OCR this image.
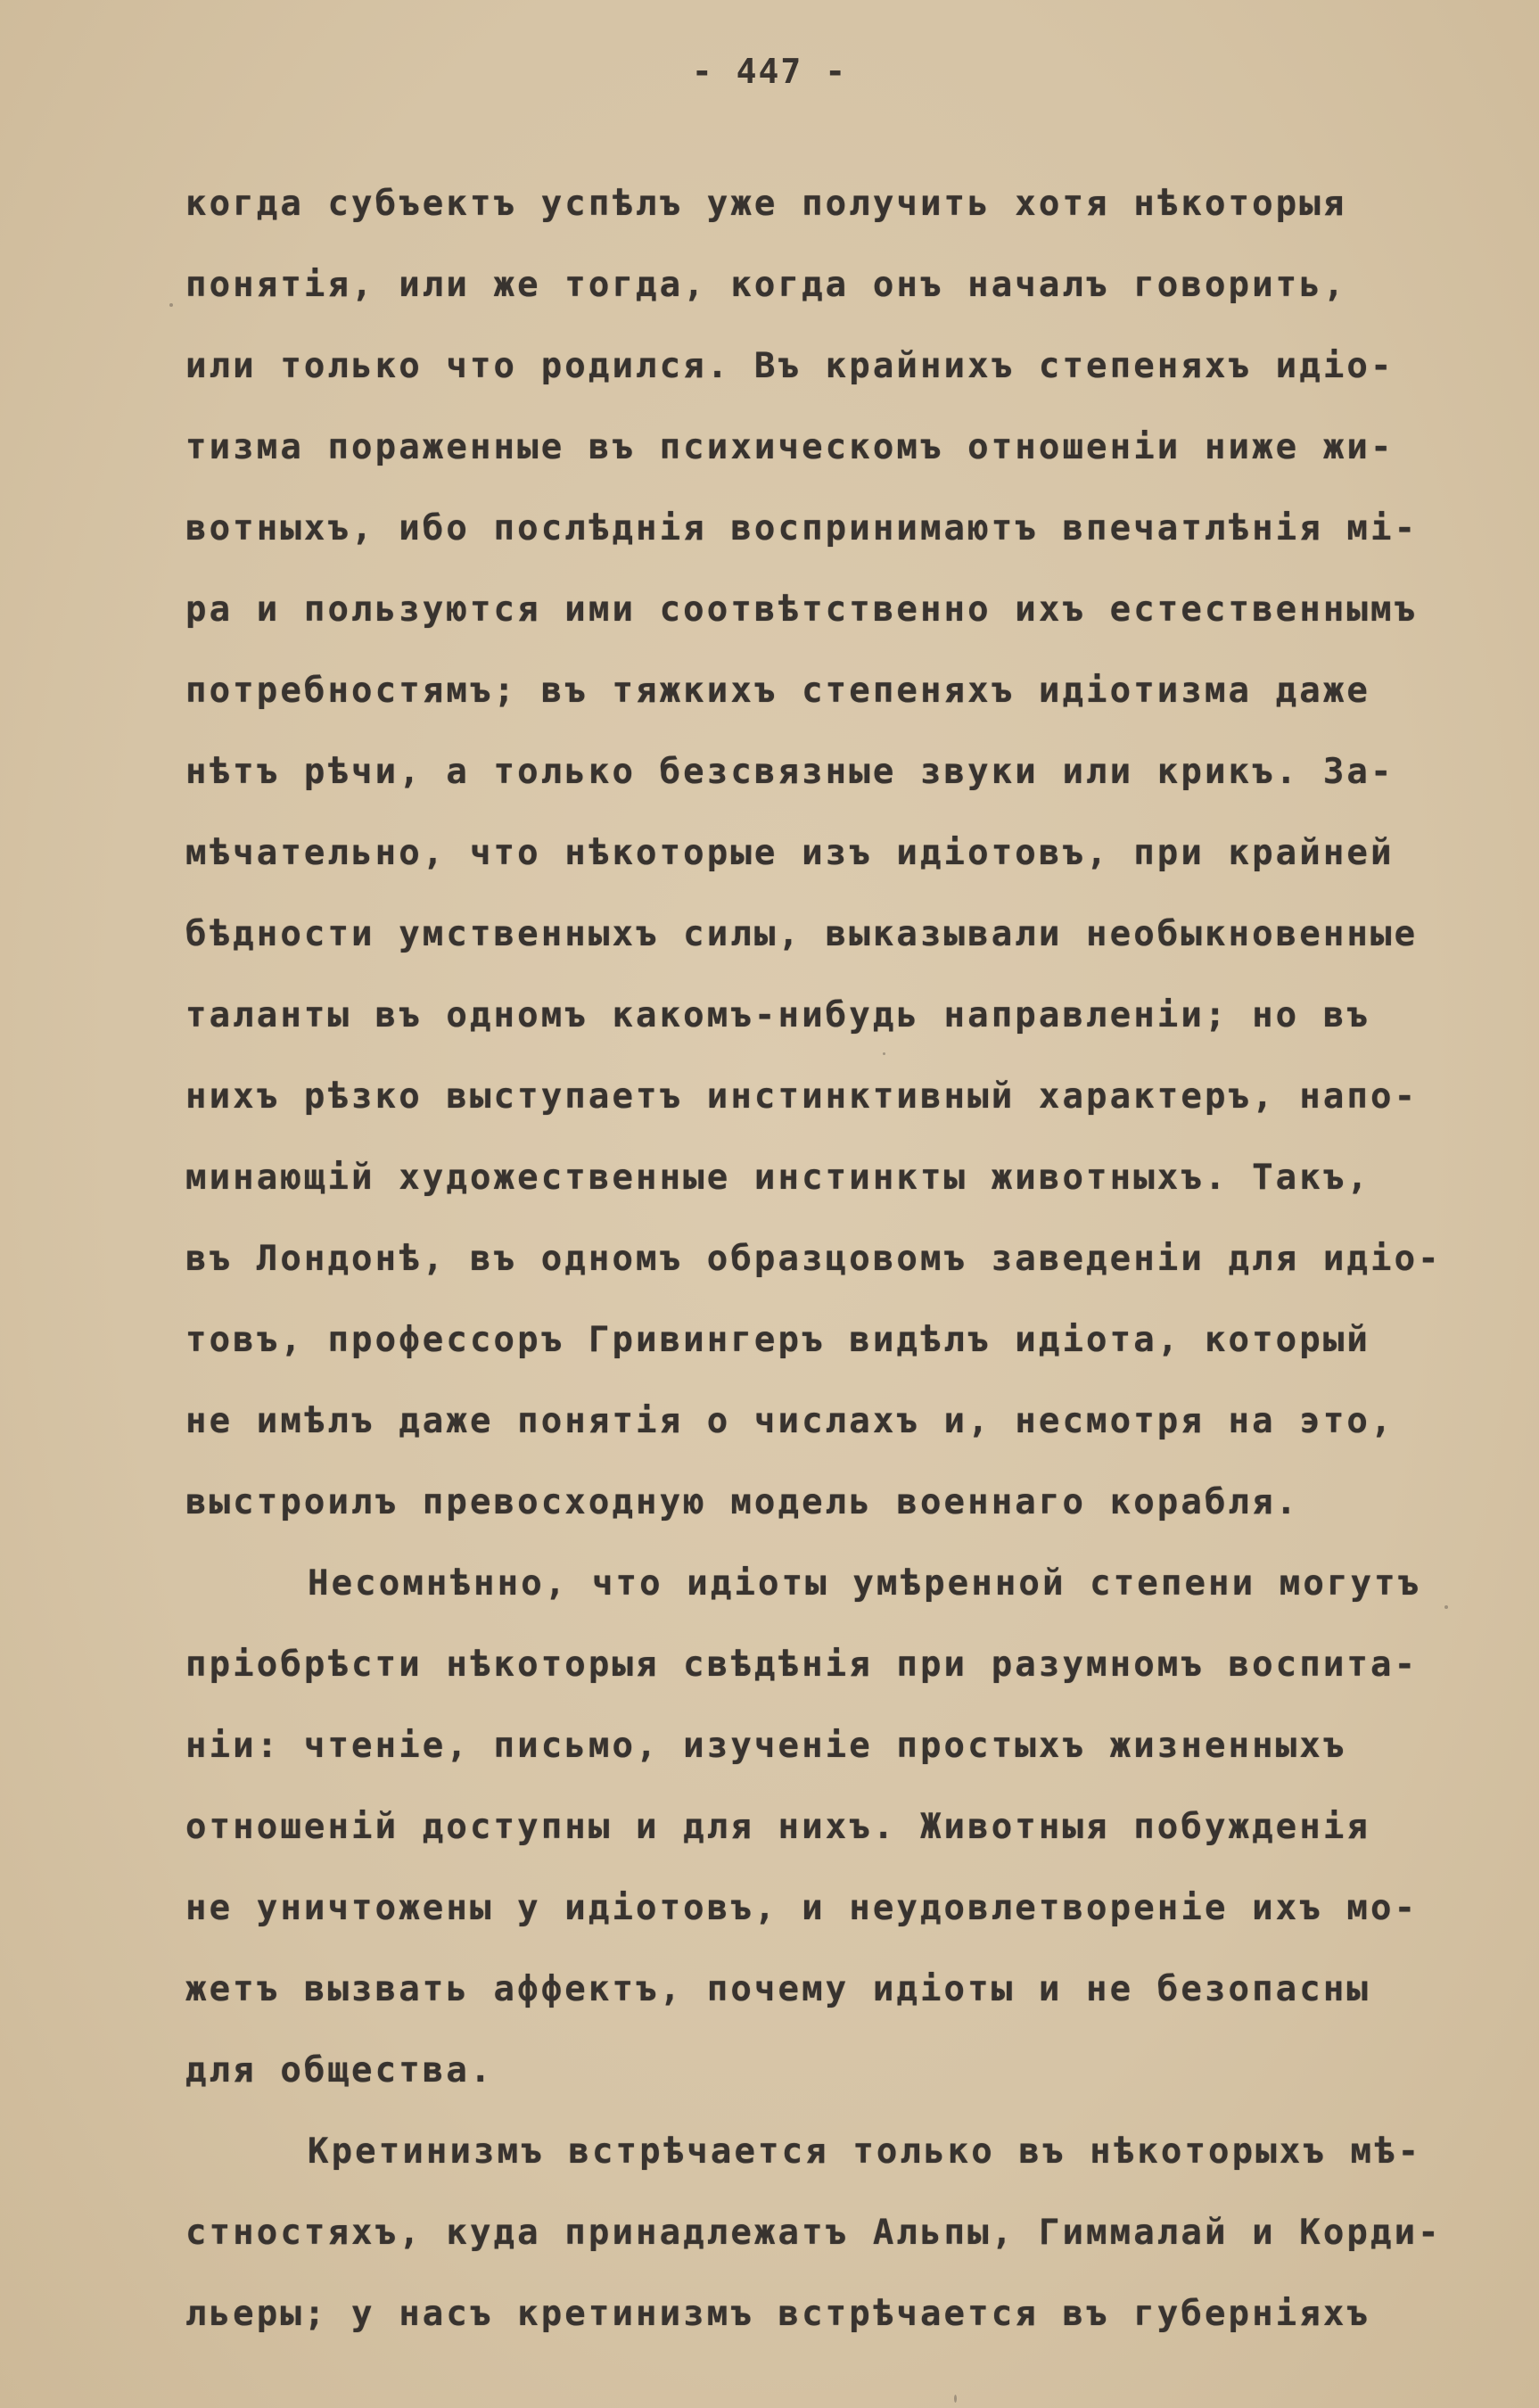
- 447 -
когда субъектъ успѣлъ уже получить хотя нѣкоторыя
понятія, или же тогда, когда онъ началъ говорить,
или только что родился. Въ крайнихъ степеняхъ идіо-
тизма пораженные въ психическомъ отношеніи ниже жи-
вотныхъ, ибо послѣднія воспринимаютъ впечатлѣнія мі-
ра и пользуются ими соотвѣтственно ихъ естественнымъ
потребностямъ; въ тяжкихъ степеняхъ идіотизма даже
нѣтъ рѣчи, а только безсвязные звуки или крикъ. За-
мѣчательно, что нѣкоторые изъ идіотовъ, при крайней
бѣдности умственныхъ силы, выказывали необыкновенные
таланты въ одномъ какомъ-нибудь направленіи; но въ
нихъ рѣзко выступаетъ инстинктивный характеръ, напо-
минающій художественные инстинкты животныхъ. Такъ,
въ Лондонѣ, въ одномъ образцовомъ заведеніи для идіо-
товъ, профессоръ Гривингеръ видѣлъ идіота, который
не имѣлъ даже понятія о числахъ и, несмотря на это,
выстроилъ превосходную модель военнаго корабля.
Несомнѣнно, что идіоты умѣренной степени могутъ
пріобрѣсти нѣкоторыя свѣдѣнія при разумномъ воспита-
ніи: чтеніе, письмо, изученіе простыхъ жизненныхъ
отношеній доступны и для нихъ. Животныя побужденія
не уничтожены у идіотовъ, и неудовлетвореніе ихъ мо-
жетъ вызвать аффектъ, почему идіоты и не безопасны
для общества.
Кретинизмъ встрѣчается только въ нѣкоторыхъ мѣ-
стностяхъ, куда принадлежатъ Альпы, Гиммалай и Корди-
льеры; у насъ кретинизмъ встрѣчается въ губерніяхъ
